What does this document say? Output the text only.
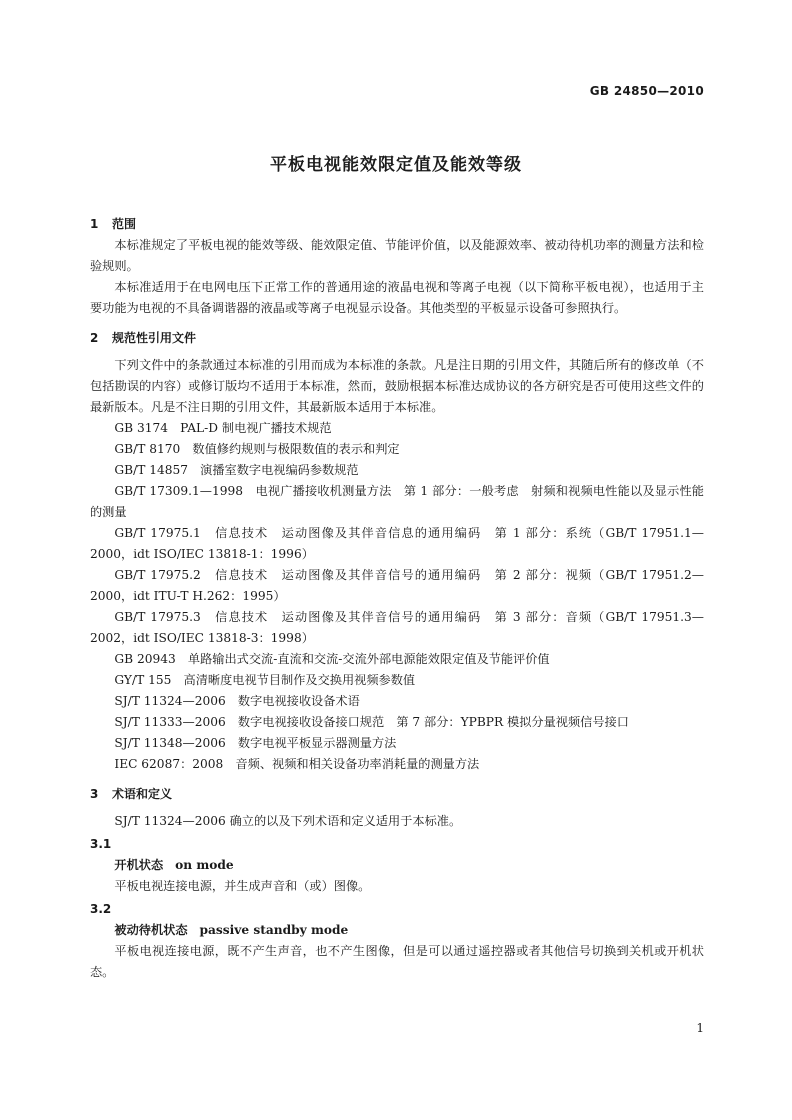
GB 24850—2010
平板电视能效限定值及能效等级
1 范围

本标准规定了平板电视的能效等级、能效限定值、节能评价值，以及能源效率、被动待机功率的测量方法和检验规则。

本标准适用于在电网电压下正常工作的普通用途的液晶电视和等离子电视（以下简称平板电视），也适用于主要功能为电视的不具备调谐器的液晶或等离子电视显示设备。其他类型的平板显示设备可参照执行。

2 规范性引用文件

下列文件中的条款通过本标准的引用而成为本标准的条款。凡是注日期的引用文件，其随后所有的修改单（不包括勘误的内容）或修订版均不适用于本标准，然而，鼓励根据本标准达成协议的各方研究是否可使用这些文件的最新版本。凡是不注日期的引用文件，其最新版本适用于本标准。

GB 3174　PAL-D 制电视广播技术规范

GB/T 8170　数值修约规则与极限数值的表示和判定

GB/T 14857　演播室数字电视编码参数规范

GB/T 17309.1—1998　电视广播接收机测量方法　第 1 部分：一般考虑　射频和视频电性能以及显示性能的测量

GB/T 17975.1　信息技术　运动图像及其伴音信息的通用编码　第 1 部分：系统（GB/T 17951.1—2000，idt ISO/IEC 13818-1：1996）

GB/T 17975.2　信息技术　运动图像及其伴音信号的通用编码　第 2 部分：视频（GB/T 17951.2—2000，idt ITU-T H.262：1995）

GB/T 17975.3　信息技术　运动图像及其伴音信号的通用编码　第 3 部分：音频（GB/T 17951.3—2002，idt ISO/IEC 13818-3：1998）

GB 20943　单路输出式交流-直流和交流-交流外部电源能效限定值及节能评价值

GY/T 155　高清晰度电视节目制作及交换用视频参数值

SJ/T 11324—2006　数字电视接收设备术语

SJ/T 11333—2006　数字电视接收设备接口规范　第 7 部分：YPBPR 模拟分量视频信号接口

SJ/T 11348—2006　数字电视平板显示器测量方法

IEC 62087：2008　音频、视频和相关设备功率消耗量的测量方法

3 术语和定义

SJ/T 11324—2006 确立的以及下列术语和定义适用于本标准。

3.1

开机状态 on mode

平板电视连接电源，并生成声音和（或）图像。

3.2

被动待机状态 passive standby mode

平板电视连接电源，既不产生声音，也不产生图像，但是可以通过遥控器或者其他信号切换到关机或开机状态。

1
